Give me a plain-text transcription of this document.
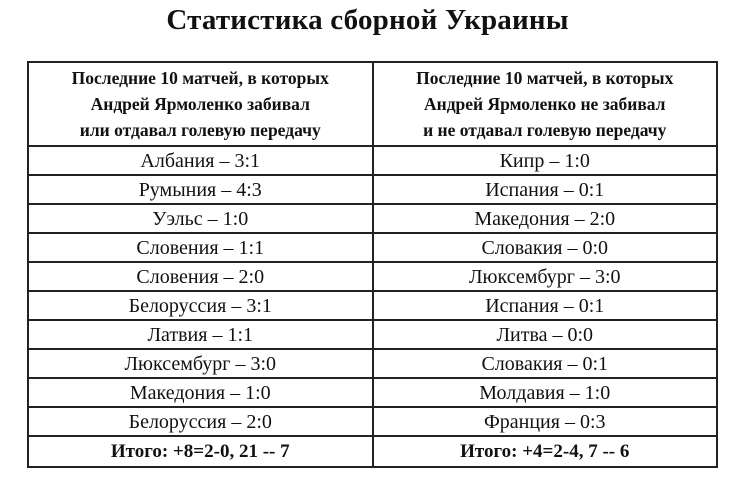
Статистика сборной Украины
Последние 10 матчей, в которых
Андрей Ярмоленко забивал
или отдавал голевую передачу	Последние 10 матчей, в которых
Андрей Ярмоленко не забивал
и не отдавал голевую передачу

Албания – 3:1	Кипр – 1:0
Румыния – 4:3	Испания – 0:1
Уэльс – 1:0	Македония – 2:0
Словения – 1:1	Словакия – 0:0
Словения – 2:0	Люксембург – 3:0
Белоруссия – 3:1	Испания – 0:1
Латвия – 1:1	Литва – 0:0
Люксембург – 3:0	Словакия – 0:1
Македония – 1:0	Молдавия – 1:0
Белоруссия – 2:0	Франция – 0:3
Итого: +8=2-0, 21 -- 7	Итого: +4=2-4, 7 -- 6
